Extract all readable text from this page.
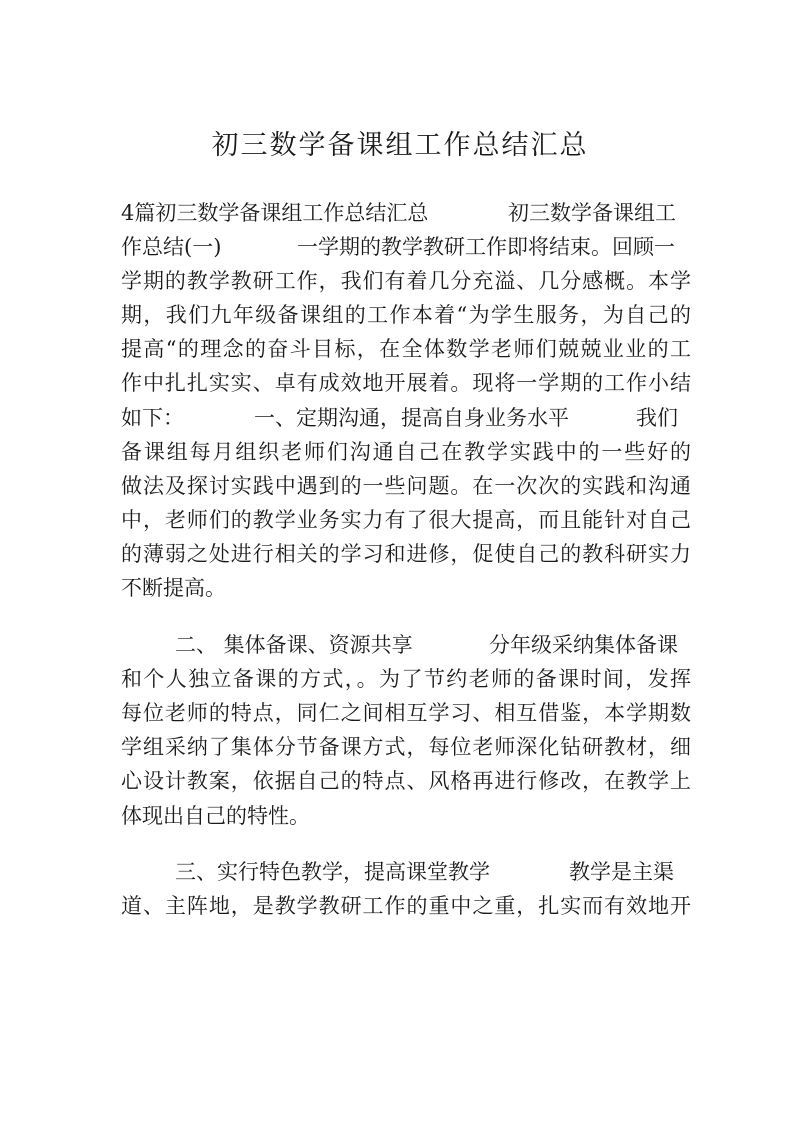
初三数学备课组工作总结汇总
4篇初三数学备课组工作总结汇总	初三数学备课组工
作总结(一)	一学期的教学教研工作即将结束。回顾一
学期的教学教研工作，我们有着几分充溢、几分感概。本学
期，我们九年级备课组的工作本着“为学生服务，为自己的
提高“的理念的奋斗目标，在全体数学老师们兢兢业业的工
作中扎扎实实、卓有成效地开展着。现将一学期的工作小结
如下：	一、定期沟通，提高自身业务水平	我们
备课组每月组织老师们沟通自己在教学实践中的一些好的
做法及探讨实践中遇到的一些问题。在一次次的实践和沟通
中，老师们的教学业务实力有了很大提高，而且能针对自己
的薄弱之处进行相关的学习和进修，促使自己的教科研实力
不断提高。
二、 集体备课、资源共享	分年级采纳集体备课
和个人独立备课的方式，。为了节约老师的备课时间，发挥
每位老师的特点，同仁之间相互学习、相互借鉴，本学期数
学组采纳了集体分节备课方式，每位老师深化钻研教材，细
心设计教案，依据自己的特点、风格再进行修改，在教学上
体现出自己的特性。
三、实行特色教学，提高课堂教学	教学是主渠
道、主阵地，是教学教研工作的重中之重，扎实而有效地开
